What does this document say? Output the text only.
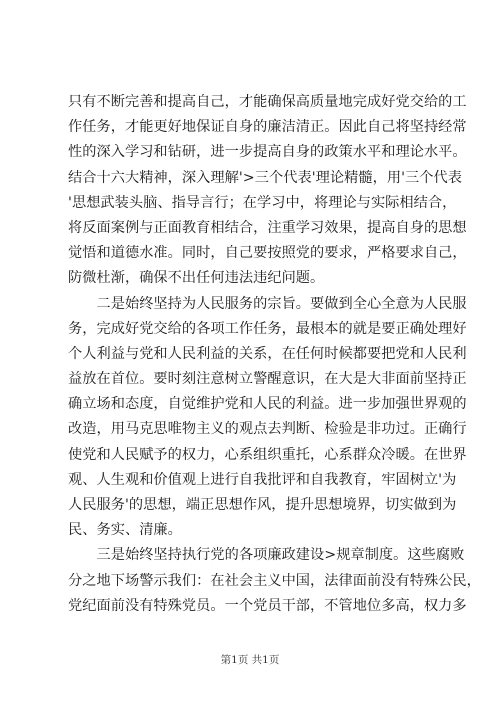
只有不断完善和提高自己，才能确保高质量地完成好党交给的工
作任务，才能更好地保证自身的廉洁清正。因此自己将坚持经常
性的深入学习和钻研，进一步提高自身的政策水平和理论水平。
结合十六大精神，深入理解'>三个代表'理论精髓，用'三个代表
'思想武装头脑、指导言行；在学习中，将理论与实际相结合，
将反面案例与正面教育相结合，注重学习效果，提高自身的思想
觉悟和道德水准。同时，自己要按照党的要求，严格要求自己，
防微杜渐，确保不出任何违法违纪问题。
　　二是始终坚持为人民服务的宗旨。要做到全心全意为人民服
务，完成好党交给的各项工作任务，最根本的就是要正确处理好
个人利益与党和人民利益的关系，在任何时候都要把党和人民利
益放在首位。要时刻注意树立警醒意识，在大是大非面前坚持正
确立场和态度，自觉维护党和人民的利益。进一步加强世界观的
改造，用马克思唯物主义的观点去判断、检验是非功过。正确行
使党和人民赋予的权力，心系组织重托，心系群众冷暖。在世界
观、人生观和价值观上进行自我批评和自我教育，牢固树立'为
人民服务'的思想，端正思想作风，提升思想境界，切实做到为
民、务实、清廉。
　　三是始终坚持执行党的各项廉政建设>规章制度。这些腐败
分之地下场警示我们：在社会主义中国，法律面前没有特殊公民，
党纪面前没有特殊党员。一个党员干部，不管地位多高，权力多
第1页 共1页
